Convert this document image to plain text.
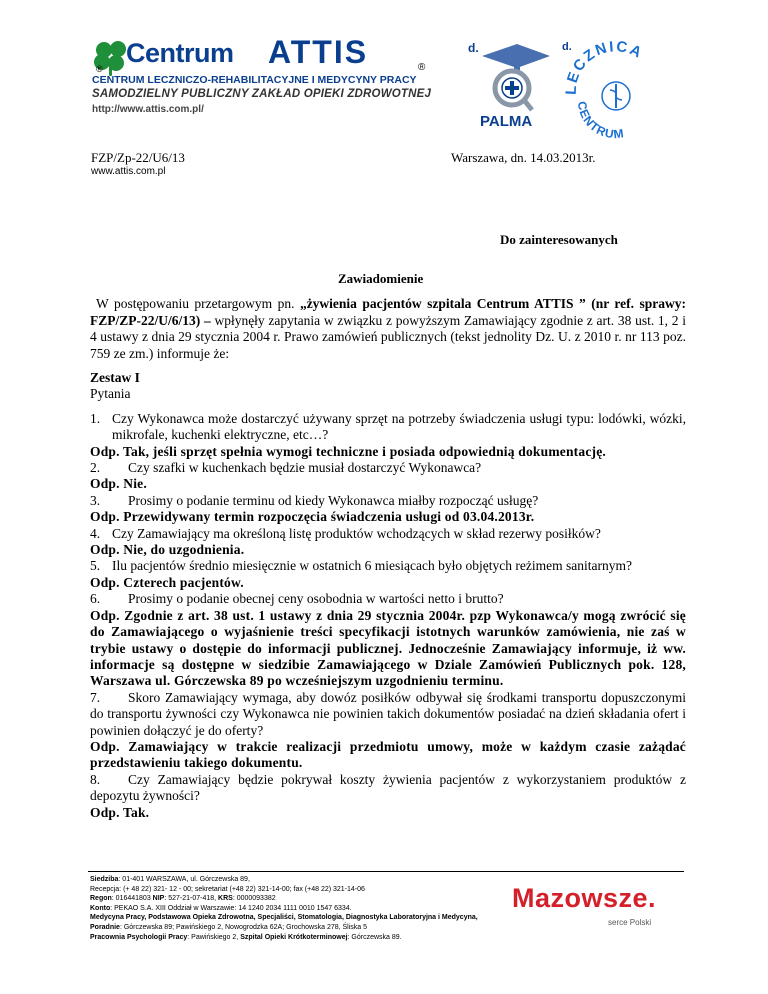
®
Centrum ATTIS	®
CENTRUM LECZNICZO-REHABILITACYJNE I MEDYCYNY PRACY
SAMODZIELNY PUBLICZNY ZAKŁAD OPIEKI ZDROWOTNEJ
http://www.attis.com.pl/
d.
PALMA
d.
LECZNICA
CENTRUM
FZP/Zp-22/U6/13	Warszawa, dn. 14.03.2013r.
www.attis.com.pl
Do zainteresowanych
Zawiadomienie
W postępowaniu przetargowym pn. „żywienia pacjentów szpitala Centrum ATTIS ” (nr ref. sprawy: FZP/ZP-22/U/6/13) – wpłynęły zapytania w związku z powyższym Zamawiający zgodnie z art. 38 ust. 1, 2 i 4 ustawy z dnia 29 stycznia 2004 r. Prawo zamówień publicznych (tekst jednolity Dz. U. z 2010 r. nr 113 poz. 759 ze zm.) informuje że:
Zestaw I
Pytania
1. Czy Wykonawca może dostarczyć używany sprzęt na potrzeby świadczenia usługi typu: lodówki, wózki, mikrofale, kuchenki elektryczne, etc…?
Odp. Tak, jeśli sprzęt spełnia wymogi techniczne i posiada odpowiednią dokumentację.
2.	Czy szafki w kuchenkach będzie musiał dostarczyć Wykonawca?
Odp. Nie.
3.	Prosimy o podanie terminu od kiedy Wykonawca miałby rozpocząć usługę?
Odp. Przewidywany termin rozpoczęcia świadczenia usługi od 03.04.2013r.
4. Czy Zamawiający ma określoną listę produktów wchodzących w skład rezerwy posiłków?
Odp. Nie, do uzgodnienia.
5. Ilu pacjentów średnio miesięcznie w ostatnich 6 miesiącach było objętych reżimem sanitarnym?
Odp. Czterech pacjentów.
6.	Prosimy o podanie obecnej ceny osobodnia w wartości netto i brutto?
Odp. Zgodnie z art. 38 ust. 1 ustawy z dnia 29 stycznia 2004r. pzp Wykonawca/y mogą zwrócić się do Zamawiającego o wyjaśnienie treści specyfikacji istotnych warunków zamówienia, nie zaś w trybie ustawy o dostępie do informacji publicznej. Jednocześnie Zamawiający informuje, iż ww. informacje są dostępne w siedzibie Zamawiającego w Dziale Zamówień Publicznych pok. 128, Warszawa ul. Górczewska 89 po wcześniejszym uzgodnieniu terminu.
7. Skoro Zamawiający wymaga, aby dowóz posiłków odbywał się środkami transportu dopuszczonymi do transportu żywności czy Wykonawca nie powinien takich dokumentów posiadać na dzień składania ofert i powinien dołączyć je do oferty?
Odp. Zamawiający w trakcie realizacji przedmiotu umowy, może w każdym czasie zażądać przedstawieniu takiego dokumentu.
8. Czy Zamawiający będzie pokrywał koszty żywienia pacjentów z wykorzystaniem produktów z depozytu żywności?
Odp. Tak.
Siedziba: 01-401 WARSZAWA, ul. Górczewska 89,
Recepcja: (+ 48 22) 321- 12 - 00; sekretariat (+48 22) 321-14-00; fax (+48 22) 321-14-06
Regon: 016441803 NIP: 527-21-07-418, KRS: 0000093382
Konto: PEKAO S.A. XIII Oddział w Warszawie: 14 1240 2034 1111 0010 1547 6334.
Medycyna Pracy, Podstawowa Opieka Zdrowotna, Specjaliści, Stomatologia, Diagnostyka Laboratoryjna i Medycyna,
Poradnie: Górczewska 89; Pawińskiego 2, Nowogrodzka 62A; Grochowska 278, Śliska 5
Pracownia Psychologii Pracy: Pawińskiego 2, Szpital Opieki Krótkoterminowej: Górczewska 89.
Mazowsze.
serce Polski
